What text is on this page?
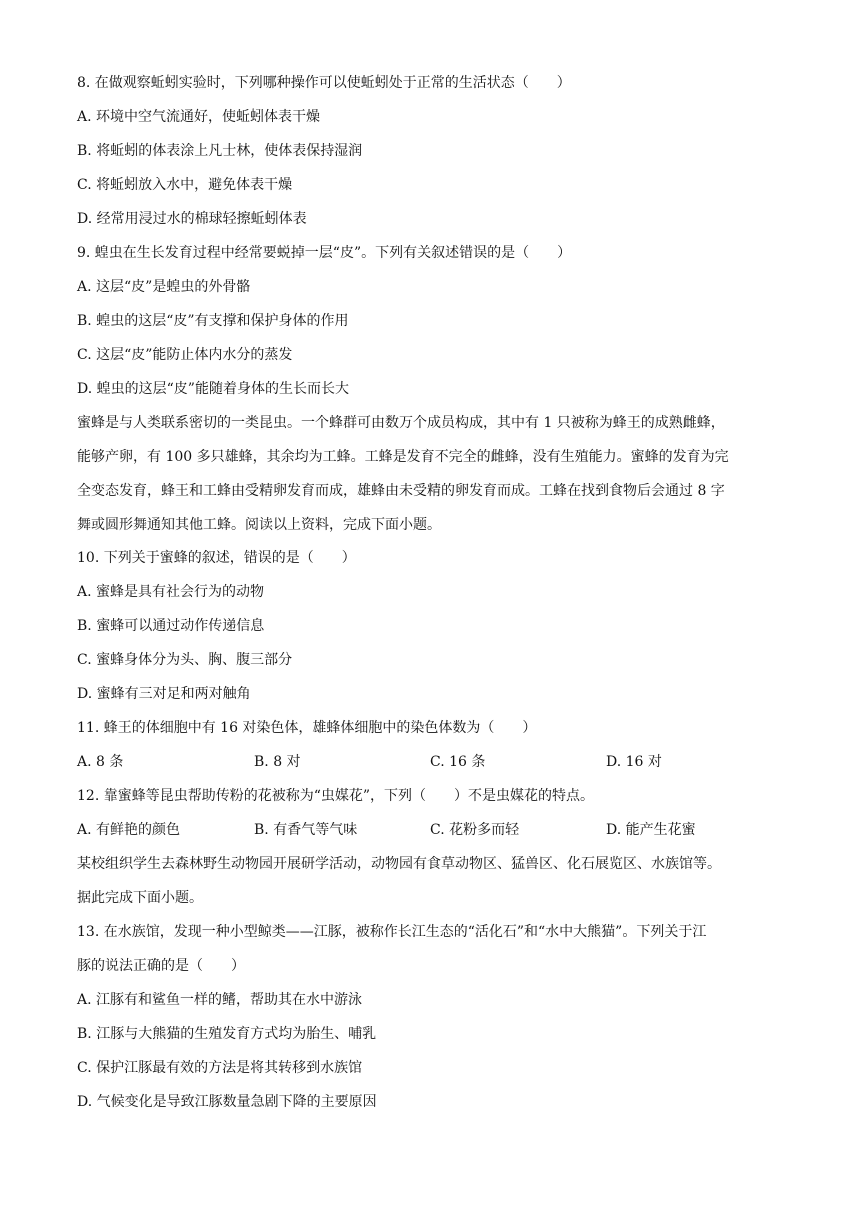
8. 在做观察蚯蚓实验时，下列哪种操作可以使蚯蚓处于正常的生活状态（　　）
A. 环境中空气流通好，使蚯蚓体表干燥
B. 将蚯蚓的体表涂上凡士林，使体表保持湿润
C. 将蚯蚓放入水中，避免体表干燥
D. 经常用浸过水的棉球轻擦蚯蚓体表
9. 蝗虫在生长发育过程中经常要蜕掉一层“皮”。下列有关叙述错误的是（　　）
A. 这层“皮”是蝗虫的外骨骼
B. 蝗虫的这层“皮”有支撑和保护身体的作用
C. 这层“皮”能防止体内水分的蒸发
D. 蝗虫的这层“皮”能随着身体的生长而长大
蜜蜂是与人类联系密切的一类昆虫。一个蜂群可由数万个成员构成，其中有 1 只被称为蜂王的成熟雌蜂，
能够产卵，有 100 多只雄蜂，其余均为工蜂。工蜂是发育不完全的雌蜂，没有生殖能力。蜜蜂的发育为完
全变态发育，蜂王和工蜂由受精卵发育而成，雄蜂由未受精的卵发育而成。工蜂在找到食物后会通过 8 字
舞或圆形舞通知其他工蜂。阅读以上资料，完成下面小题。
10. 下列关于蜜蜂的叙述，错误的是（　　）
A. 蜜蜂是具有社会行为的动物
B. 蜜蜂可以通过动作传递信息
C. 蜜蜂身体分为头、胸、腹三部分
D. 蜜蜂有三对足和两对触角
11. 蜂王的体细胞中有 16 对染色体，雄蜂体细胞中的染色体数为（　　）
A. 8 条	B. 8 对	C. 16 条	D. 16 对
12. 靠蜜蜂等昆虫帮助传粉的花被称为“虫媒花”，下列（　　）不是虫媒花的特点。
A. 有鲜艳的颜色	B. 有香气等气味	C. 花粉多而轻	D. 能产生花蜜
某校组织学生去森林野生动物园开展研学活动，动物园有食草动物区、猛兽区、化石展览区、水族馆等。
据此完成下面小题。
13. 在水族馆，发现一种小型鲸类——江豚，被称作长江生态的“活化石”和“水中大熊猫”。下列关于江
豚的说法正确的是（　　）
A. 江豚有和鲨鱼一样的鳍，帮助其在水中游泳
B. 江豚与大熊猫的生殖发育方式均为胎生、哺乳
C. 保护江豚最有效的方法是将其转移到水族馆
D. 气候变化是导致江豚数量急剧下降的主要原因
